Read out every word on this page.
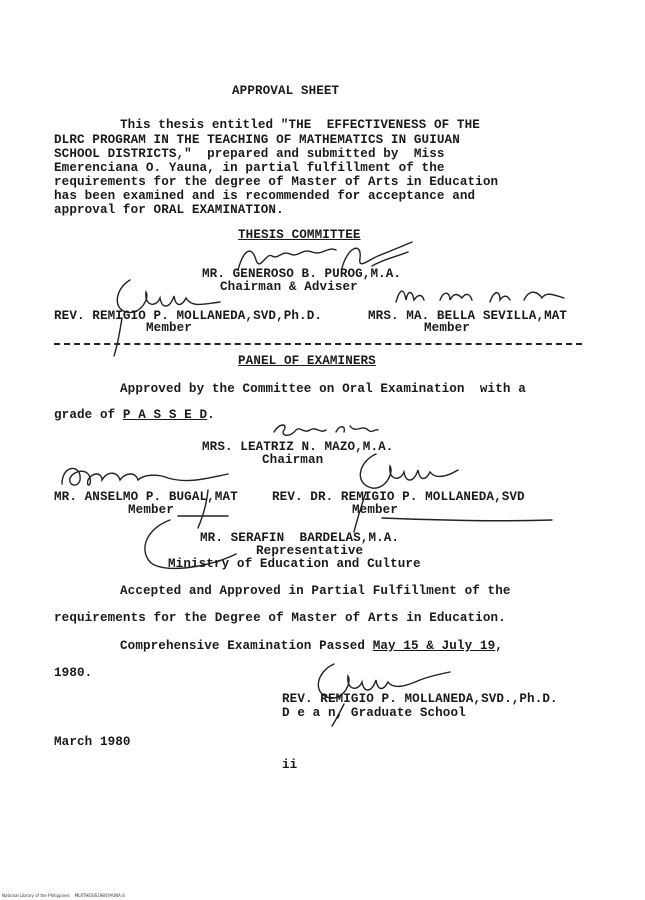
APPROVAL SHEET
This thesis entitled "THE  EFFECTIVENESS OF THE
DLRC PROGRAM IN THE TEACHING OF MATHEMATICS IN GUIUAN
SCHOOL DISTRICTS,"  prepared and submitted by  Miss
Emerenciana O. Yauna, in partial fulfillment of the
requirements for the degree of Master of Arts in Education
has been examined and is recommended for acceptance and
approval for ORAL EXAMINATION.
THESIS COMMITTEE
MR. GENEROSO B. PUROG,M.A.
Chairman & Adviser
REV. REMIGIO P. MOLLANEDA,SVD,Ph.D.
Member
MRS. MA. BELLA SEVILLA,MAT
Member
PANEL OF EXAMINERS
Approved by the Committee on Oral Examination  with a
grade of P A S S E D.
MRS. LEATRIZ N. MAZO,M.A.
Chairman
MR. ANSELMO P. BUGAL,MAT
Member
REV. DR. REMIGIO P. MOLLANEDA,SVD
Member
MR. SERAFIN  BARDELAS,M.A.
Representative
Ministry of Education and Culture
Accepted and Approved in Partial Fulfillment of the
requirements for the Degree of Master of Arts in Education.
Comprehensive Examination Passed May 15 & July 19,
1980.
REV. REMIGIO P. MOLLANEDA,SVD.,Ph.D.
D e a n, Graduate School
March 1980
ii
National Library of the Philippines    MLRTHESIS1980YAUNA iii
